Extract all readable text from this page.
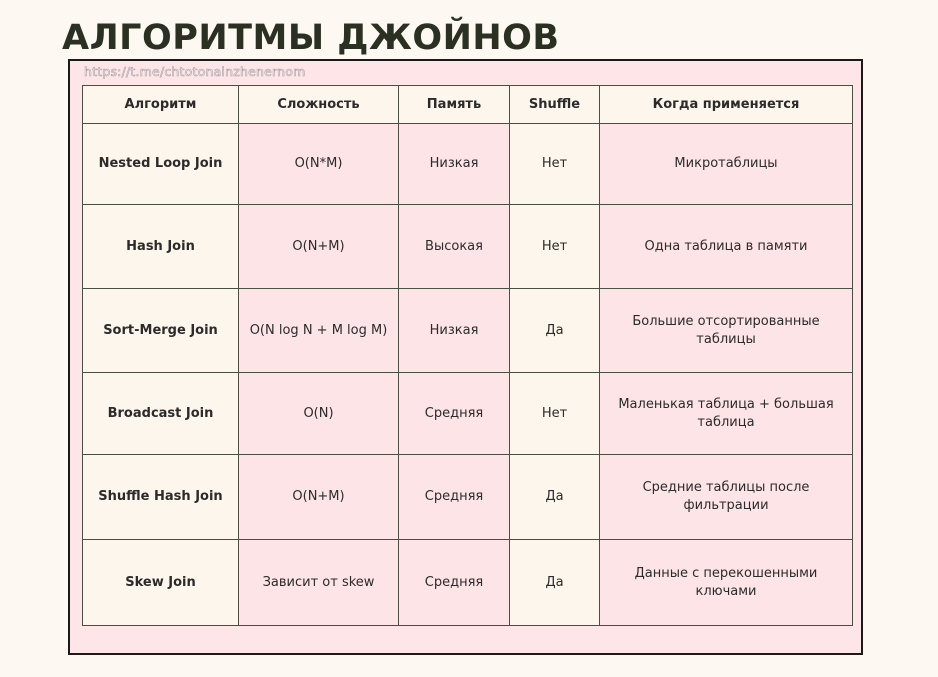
АЛГОРИТМЫ ДЖОЙНОВ
https://t.me/chtotonainzhenernom
Алгоритм	Сложность	Память	Shuffle	Когда применяется
Nested Loop Join	O(N*M)	Низкая	Нет	Микротаблицы
Hash Join	O(N+M)	Высокая	Нет	Одна таблица в памяти
Sort-Merge Join	O(N log N + M log M)	Низкая	Да	Большие отсортированные таблицы
Broadcast Join	O(N)	Средняя	Нет	Маленькая таблица + большая таблица
Shuffle Hash Join	O(N+M)	Средняя	Да	Средние таблицы после фильтрации
Skew Join	Зависит от skew	Средняя	Да	Данные с перекошенными ключами
